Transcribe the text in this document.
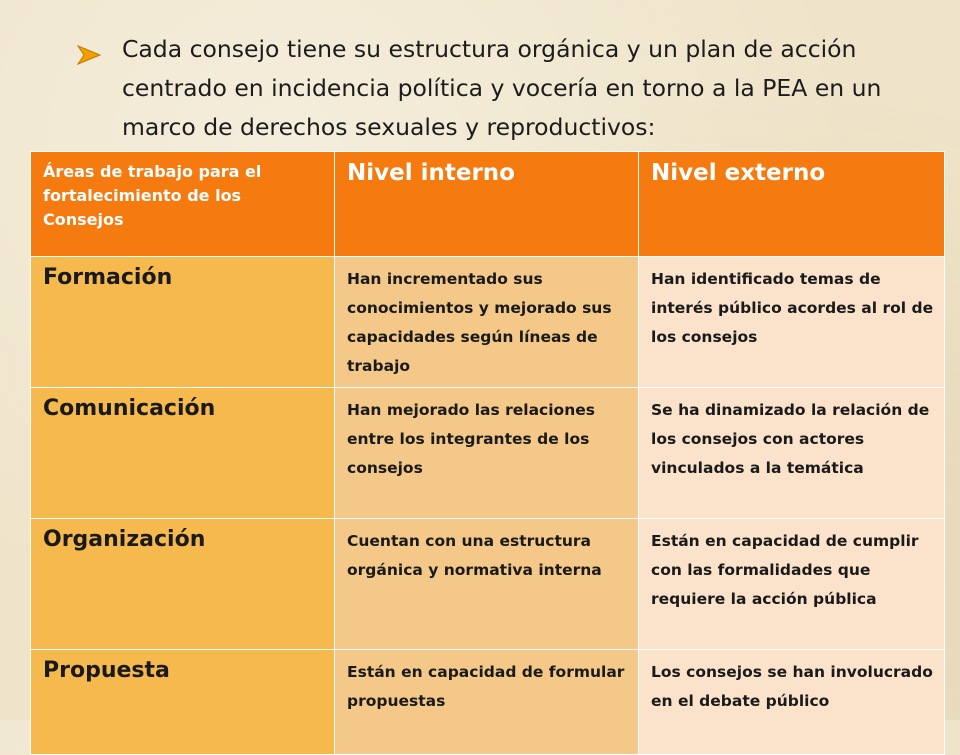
Cada consejo tiene su estructura orgánica y un plan de acción centrado en incidencia política y vocería en torno a la PEA en un marco de derechos sexuales y reproductivos:
Áreas de trabajo para el fortalecimiento de los Consejos	Nivel interno	Nivel externo
Formación	Han incrementado sus conocimientos y mejorado sus capacidades según líneas de trabajo	Han identificado temas de interés público acordes al rol de los consejos
Comunicación	Han mejorado las relaciones entre los integrantes de los consejos	Se ha dinamizado la relación de los consejos con actores vinculados a la temática
Organización	Cuentan con una estructura orgánica y normativa interna	Están en capacidad de cumplir con las formalidades que requiere la acción pública
Propuesta	Están en capacidad de formular propuestas	Los consejos se han involucrado en el debate público
